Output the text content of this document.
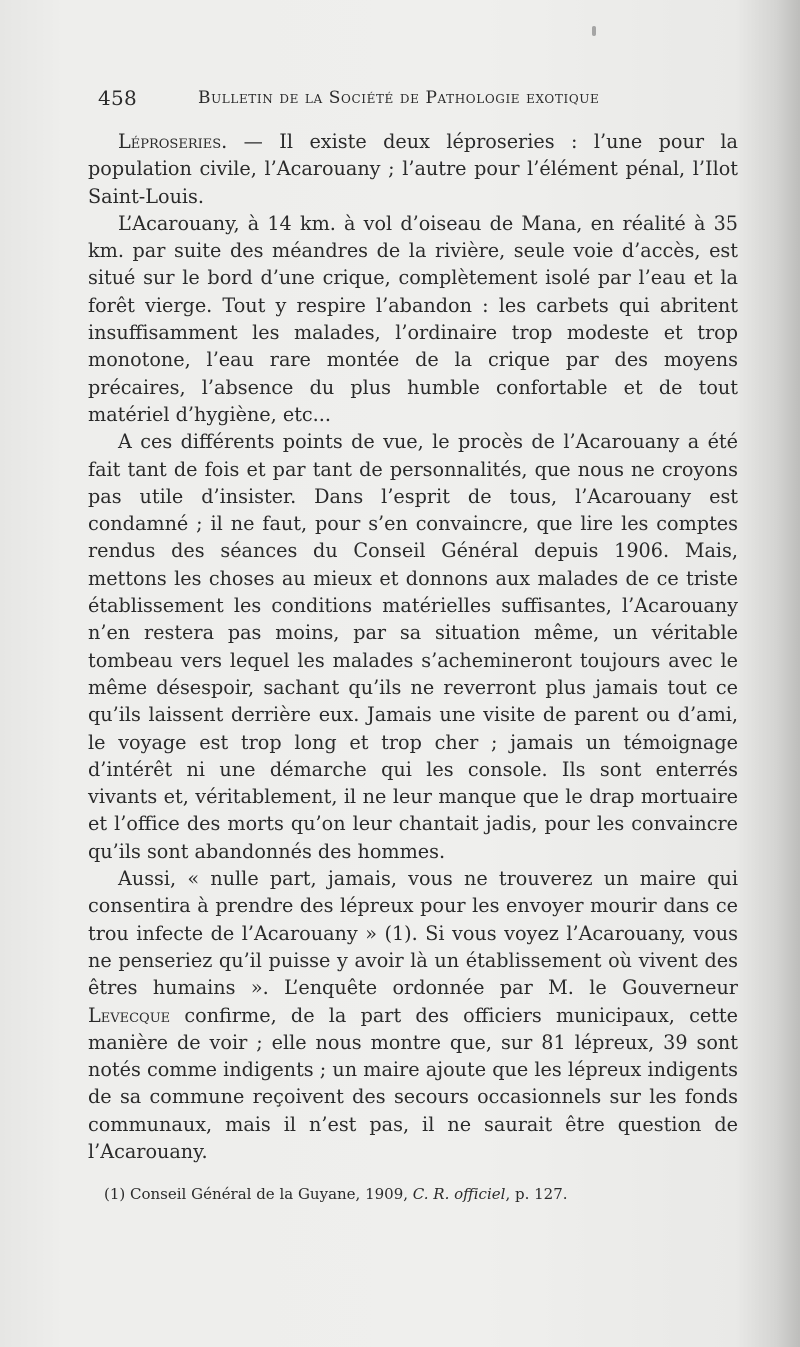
458	Bulletin de la Société de Pathologie exotique

Léproseries. — Il existe deux léproseries : l’une pour la population civile, l’Acarouany ; l’autre pour l’élément pénal, l’Ilot Saint-Louis.

L’Acarouany, à 14 km. à vol d’oiseau de Mana, en réalité à 35 km. par suite des méandres de la rivière, seule voie d’accès, est situé sur le bord d’une crique, complètement isolé par l’eau et la forêt vierge. Tout y respire l’abandon : les carbets qui abritent insuffisamment les malades, l’ordinaire trop modeste et trop monotone, l’eau rare montée de la crique par des moyens précaires, l’absence du plus humble confortable et de tout matériel d’hygiène, etc...

A ces différents points de vue, le procès de l’Acarouany a été fait tant de fois et par tant de personnalités, que nous ne croyons pas utile d’insister. Dans l’esprit de tous, l’Acarouany est condamné ; il ne faut, pour s’en convaincre, que lire les comptes rendus des séances du Conseil Général depuis 1906. Mais, mettons les choses au mieux et donnons aux malades de ce triste établissement les conditions matérielles suffisantes, l’Acarouany n’en restera pas moins, par sa situation même, un véritable tombeau vers lequel les malades s’achemineront toujours avec le même désespoir, sachant qu’ils ne reverront plus jamais tout ce qu’ils laissent derrière eux. Jamais une visite de parent ou d’ami, le voyage est trop long et trop cher ; jamais un témoignage d’intérêt ni une démarche qui les console. Ils sont enterrés vivants et, véritablement, il ne leur manque que le drap mortuaire et l’office des morts qu’on leur chantait jadis, pour les convaincre qu’ils sont abandonnés des hommes.

Aussi, « nulle part, jamais, vous ne trouverez un maire qui consentira à prendre des lépreux pour les envoyer mourir dans ce trou infecte de l’Acarouany » (1). Si vous voyez l’Acarouany, vous ne penseriez qu’il puisse y avoir là un établissement où vivent des êtres humains ». L’enquête ordonnée par M. le Gouverneur Levecque confirme, de la part des officiers municipaux, cette manière de voir ; elle nous montre que, sur 81 lépreux, 39 sont notés comme indigents ; un maire ajoute que les lépreux indigents de sa commune reçoivent des secours occasionnels sur les fonds communaux, mais il n’est pas, il ne saurait être question de l’Acarouany.

(1) Conseil Général de la Guyane, 1909, C. R. officiel, p. 127.
